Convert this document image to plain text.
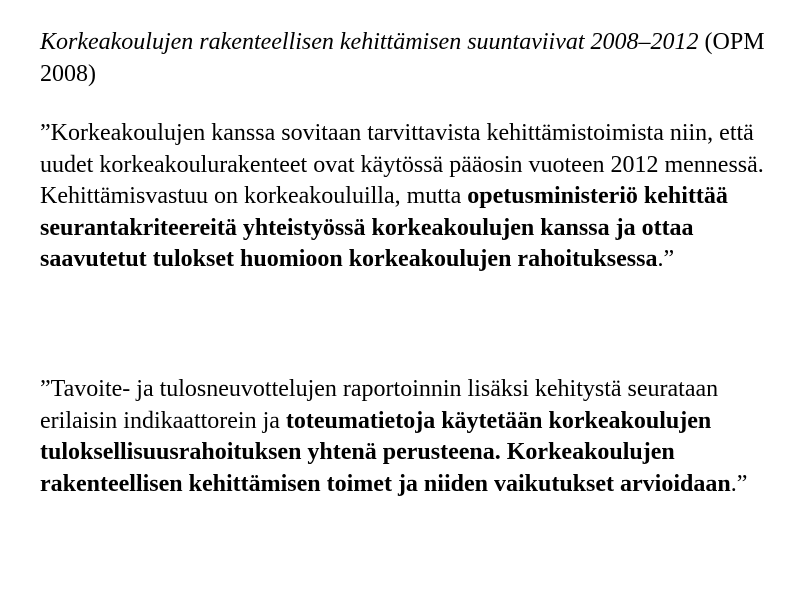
Korkeakoulujen rakenteellisen kehittämisen suuntaviivat 2008–2012 (OPM 2008)

”Korkeakoulujen kanssa sovitaan tarvittavista kehittämistoimista niin, että uudet korkeakoulurakenteet ovat käytössä pääosin vuoteen 2012 mennessä. Kehittämisvastuu on korkeakouluilla, mutta opetusministeriö kehittää seurantakriteereitä yhteistyössä korkeakoulujen kanssa ja ottaa saavutetut tulokset huomioon korkeakoulujen rahoituksessa.”

”Tavoite- ja tulosneuvottelujen raportoinnin lisäksi kehitystä seurataan erilaisin indikaattorein ja toteumatietoja käytetään korkeakoulujen tuloksellisuusrahoituksen yhtenä perusteena. Korkeakoulujen rakenteellisen kehittämisen toimet ja niiden vaikutukset arvioidaan.”
